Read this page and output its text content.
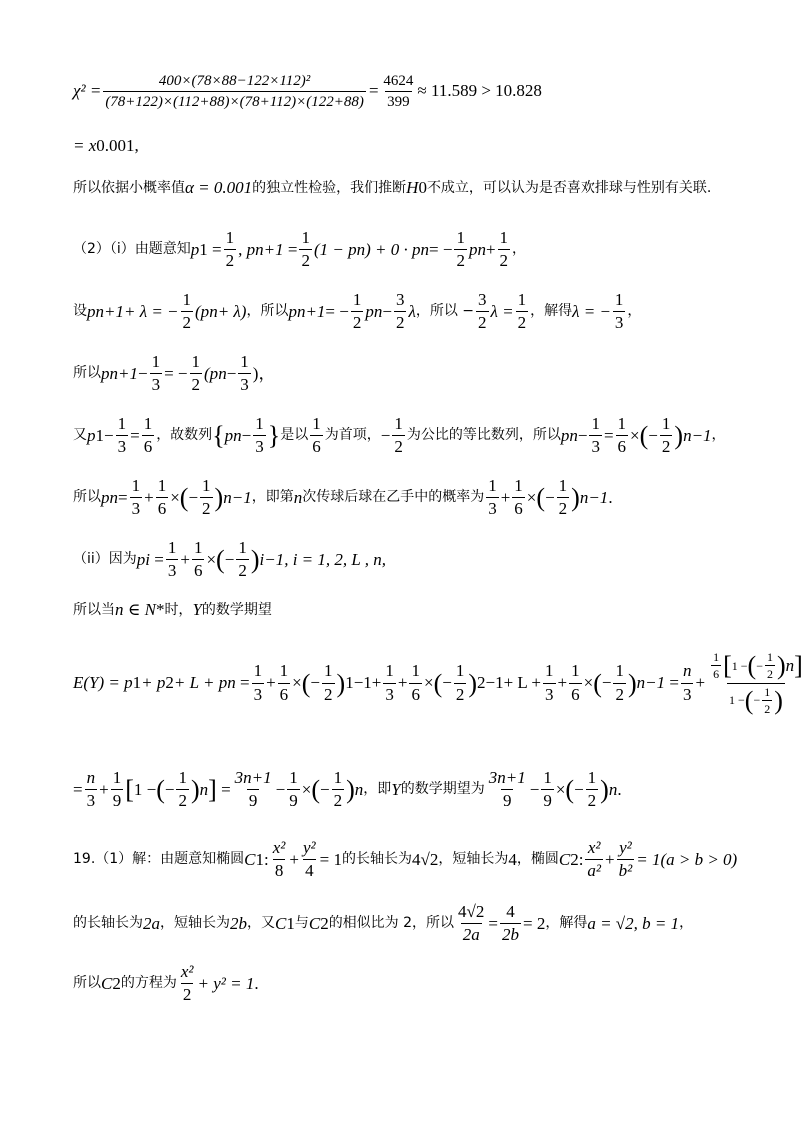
$\chi^2 = \frac{\text{400×(78×88−122×112)²}}{(78+122)\times(112+88)\times(78+112)\times(122+88)} = \frac{4624}{399} \approx 11.589 > 10.828$
= x 0.001 ,
所以依据小概率值 α = 0.001 的独立性检验，我们推断 H 0 不成立，可以认为是否喜欢排球与性别有关联.
（2）（i）由题意知 p $1 = \frac{1}{2}$ , p $n+1 = \frac{1}{2} (1 - p$ n ) + 0 · p n = − $\frac{1}{2}$ p $n + \frac{1}{2}$ ，
设 p n+1 + λ = − $\frac{1}{2} (p$ n + λ) ，所以 p n+1 = − $\frac{1}{2}$ p $n - \frac{3}{2}$ λ ，所以 − $\frac{3}{2}$ $\lambda = \frac{1}{2}$ ，解得 λ = − $\frac{1}{3}$ ，
所以 p $n+1 - \frac{1}{3}$ = − $\frac{1}{2} (p$ $n - \frac{1}{3}$ )，
又 p $1 - \frac{1}{3} = \frac{1}{6}$ ，故数列 { p $n - \frac{1}{3}$ } 是以 $\frac{1}{6}$ 为首项， − $\frac{1}{2}$ 为公比的等比数列，所以 p $n - \frac{1}{3} = \frac{1}{6}$ × ( − $\frac{1}{2}$ ) n−1 ，
所以 p $n = \frac{1}{3} + \frac{1}{6}$ × ( − $\frac{1}{2}$ ) n−1 ，即第 n 次传球后球在乙手中的概率为 $\frac{1}{3} + \frac{1}{6}$ × ( − $\frac{1}{2}$ ) n−1 .
（ii）因为 p $i = \frac{1}{3} + \frac{1}{6}$ × ( − $\frac{1}{2}$ ) i−1 , i = 1, 2, L , n,
所以当 n ∈ N * 时， Y 的数学期望
E(Y) = p 1 + p 2 + L + p $n = \frac{1}{3} + \frac{1}{6}$ × ( − $\frac{1}{2}$ ) $1-1 + \frac{1}{3} + \frac{1}{6}$ × ( − $\frac{1}{2}$ ) $2-1 + L + \frac{1}{3} + \frac{1}{6}$ × ( − $\frac{1}{2}$ ) $n-1 = \frac{n}{3} + \frac{\frac{1}{6} [ 1 - ( - \frac{1}{2} ) n ]}{1 - ( - \frac{1}{2} )}$
= $\frac{n}{3} + \frac{1}{9}$ [ 1 − ( − $\frac{1}{2}$ ) n ] = $\frac{3n+1}{9} - \frac{1}{9}$ × ( − $\frac{1}{2}$ ) n ，即 Y 的数学期望为 $\frac{3n+1}{9} - \frac{1}{9}$ × ( − $\frac{1}{2}$ ) n .
19.（1）解：由题意知椭圆 C 1 : $\frac{\text{x²}}{8} + \frac{\text{y²}}{4} = 1$ 的长轴长为 4√2 ，短轴长为 4 ，椭圆 C 2 : $\frac{\text{x²}}{\text{a²}} + \frac{\text{y²}}{\text{b²}} = 1(a > b > 0)$
的长轴长为 2a ，短轴长为 2b ，又 C 1 与 C 2 的相似比为 2，所以 $\frac{4√2}{2a} = \frac{4}{2b} = 2$ ，解得 a = √2, b = 1 ，
所以 C 2 的方程为 $\frac{\text{x²}}{2} + y^2 = 1$ .
